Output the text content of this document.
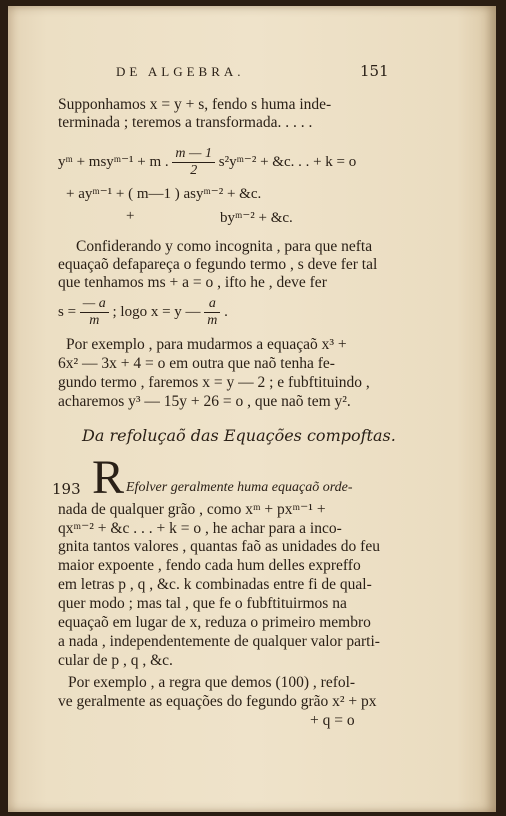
DE ALGEBRA.	151
Supponhamos x = y + s, fendo s huma inde-
terminada ; teremos a transformada. . . . .
yᵐ + msyᵐ⁻¹ + m . $\frac{m — 1}{2}$ s²yᵐ⁻² + &c. . . + k = o
+ ayᵐ⁻¹ + ( m—1 ) asyᵐ⁻² + &c.
+	byᵐ⁻² + &c.
Confiderando y como incognita , para que nefta
equaçaõ defapareça o fegundo termo , s deve fer tal
que tenhamos ms + a = o , ifto he , deve fer
$s = \frac{— a}{m}$ ; logo x = y — $\frac{a}{m}$ .
Por exemplo , para mudarmos a equaçaõ x³ +
6x² — 3x + 4 = o em outra que naõ tenha fe-
gundo termo , faremos x = y — 2 ; e fubftituindo ,
acharemos y³ — 15y + 26 = o , que naõ tem y².
Da refoluçaõ das Equações compoftas.
193 R Efolver geralmente huma equaçaõ orde-
nada de qualquer grão , como xᵐ + pxᵐ⁻¹ +
qxᵐ⁻² + &c . . . + k = o , he achar para a inco-
gnita tantos valores , quantas faõ as unidades do feu
maior expoente , fendo cada hum delles expreffo
em letras p , q , &c. k combinadas entre fi de qual-
quer modo ; mas tal , que fe o fubftituirmos na
equaçaõ em lugar de x, reduza o primeiro membro
a nada , independentemente de qualquer valor parti-
cular de p , q , &c.
Por exemplo , a regra que demos (100) , refol-
ve geralmente as equações do fegundo grão x² + px
+ q = o
